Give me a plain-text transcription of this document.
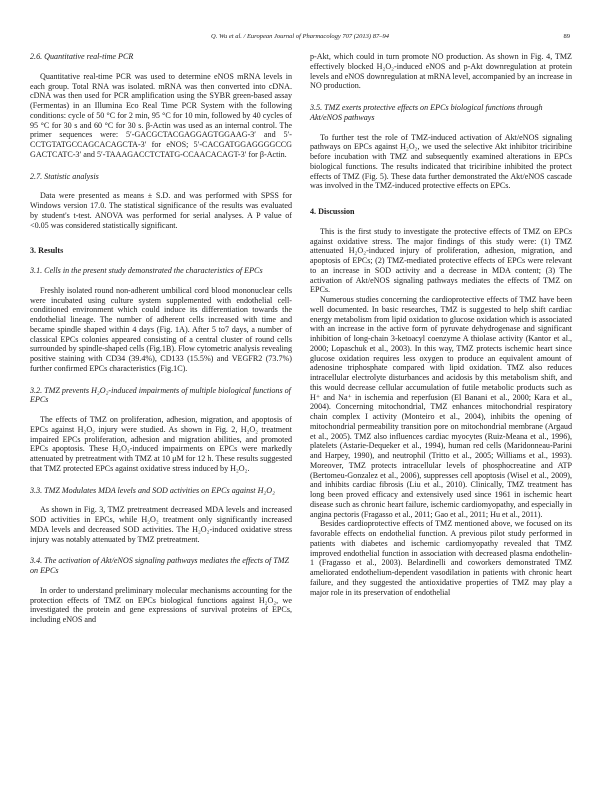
Q. Wu et al. / European Journal of Pharmacology 707 (2013) 87–94	89
2.6. Quantitative real-time PCR

Quantitative real-time PCR was used to determine eNOS mRNA levels in each group. Total RNA was isolated. mRNA was then converted into cDNA. cDNA was then used for PCR amplification using the SYBR green-based assay (Fermentas) in an Illumina Eco Real Time PCR System with the following conditions: cycle of 50 °C for 2 min, 95 °C for 10 min, followed by 40 cycles of 95 °C for 30 s and 60 °C for 30 s. β-Actin was used as an internal control. The primer sequences were: 5′-GACGCTACGAGGAGTGGAAG-3′ and 5′-CCTGTATGCCAGCACAGCTA-3′ for eNOS; 5′-CACGATGGAGGGGCCG GACTCATC-3′ and 5′-TAAAGACCTCTATG-CCAACACAGT-3′ for β-Actin.

2.7. Statistic analysis

Data were presented as means ± S.D. and was performed with SPSS for Windows version 17.0. The statistical significance of the results was evaluated by student's t-test. ANOVA was performed for serial analyses. A P value of <0.05 was considered statistically significant.

3. Results
3.1. Cells in the present study demonstrated the characteristics of EPCs

Freshly isolated round non-adherent umbilical cord blood mononuclear cells were incubated using culture system supplemented with endothelial cell-conditioned environment which could induce its differentiation towards the endothelial lineage. The number of adherent cells increased with time and became spindle shaped within 4 days (Fig. 1A). After 5 to7 days, a number of classical EPCs colonies appeared consisting of a central cluster of round cells surrounded by spindle-shaped cells (Fig.1B). Flow cytometric analysis revealing positive staining with CD34 (39.4%), CD133 (15.5%) and VEGFR2 (73.7%) further confirmed EPCs characteristics (Fig.1C).

3.2. TMZ prevents H₂O₂-induced impairments of multiple biological functions of EPCs

The effects of TMZ on proliferation, adhesion, migration, and apoptosis of EPCs against H₂O₂ injury were studied. As shown in Fig. 2, H₂O₂ treatment impaired EPCs proliferation, adhesion and migration abilities, and promoted EPCs apoptosis. These H₂O₂-induced impairments on EPCs were markedly attenuated by pretreatment with TMZ at 10 μM for 12 h. These results suggested that TMZ protected EPCs against oxidative stress induced by H₂O₂.

3.3. TMZ Modulates MDA levels and SOD activities on EPCs against H₂O₂

As shown in Fig. 3, TMZ pretreatment decreased MDA levels and increased SOD activities in EPCs, while H₂O₂ treatment only significantly increased MDA levels and decreased SOD activities. The H₂O₂-induced oxidative stress injury was notably attenuated by TMZ pretreatment.

3.4. The activation of Akt/eNOS signaling pathways mediates the effects of TMZ on EPCs

In order to understand preliminary molecular mechanisms accounting for the protection effects of TMZ on EPCs biological functions against H₂O₂, we investigated the protein and gene expressions of survival proteins of EPCs, including eNOS and

p-Akt, which could in turn promote NO production. As shown in Fig. 4, TMZ effectively blocked H₂O₂-induced eNOS and p-Akt downregulation at protein levels and eNOS downregulation at mRNA level, accompanied by an increase in NO production.

3.5. TMZ exerts protective effects on EPCs biological functions through Akt/eNOS pathways

To further test the role of TMZ-induced activation of Akt/eNOS signaling pathways on EPCs against H₂O₂, we used the selective Akt inhibitor triciribine before incubation with TMZ and subsequently examined alterations in EPCs biological functions. The results indicated that triciribine inhibited the protect effects of TMZ (Fig. 5). These data further demonstrated the Akt/eNOS cascade was involved in the TMZ-induced protective effects on EPCs.

4. Discussion

This is the first study to investigate the protective effects of TMZ on EPCs against oxidative stress. The major findings of this study were: (1) TMZ attenuated H₂O₂-induced injury of proliferation, adhesion, migration, and apoptosis of EPCs; (2) TMZ-mediated protective effects of EPCs were relevant to an increase in SOD activity and a decrease in MDA content; (3) The activation of Akt/eNOS signaling pathways mediates the effects of TMZ on EPCs.

Numerous studies concerning the cardioprotective effects of TMZ have been well documented. In basic researches, TMZ is suggested to help shift cardiac energy metabolism from lipid oxidation to glucose oxidation which is associated with an increase in the active form of pyruvate dehydrogenase and significant inhibition of long-chain 3-ketoacyl coenzyme A thiolase activity (Kantor et al., 2000; Lopaschuk et al., 2003). In this way, TMZ protects ischemic heart since glucose oxidation requires less oxygen to produce an equivalent amount of adenosine triphosphate compared with lipid oxidation. TMZ also reduces intracellular electrolyte disturbances and acidosis by this metabolism shift, and this would decrease cellular accumulation of futile metabolic products such as H⁺ and Na⁺ in ischemia and reperfusion (El Banani et al., 2000; Kara et al., 2004). Concerning mitochondrial, TMZ enhances mitochondrial respiratory chain complex I activity (Monteiro et al., 2004), inhibits the opening of mitochondrial permeability transition pore on mitochondrial membrane (Argaud et al., 2005). TMZ also influences cardiac myocytes (Ruiz-Meana et al., 1996), platelets (Astarie-Dequeker et al., 1994), human red cells (Maridonneau-Parini and Harpey, 1990), and neutrophil (Tritto et al., 2005; Williams et al., 1993). Moreover, TMZ protects intracellular levels of phosphocreatine and ATP (Bertomeu-Gonzalez et al., 2006), suppresses cell apoptosis (Wisel et al., 2009), and inhibits cardiac fibrosis (Liu et al., 2010). Clinically, TMZ treatment has long been proved efficacy and extensively used since 1961 in ischemic heart disease such as chronic heart failure, ischemic cardiomyopathy, and especially in angina pectoris (Fragasso et al., 2011; Gao et al., 2011; Hu et al., 2011).

Besides cardioprotective effects of TMZ mentioned above, we focused on its favorable effects on endothelial function. A previous pilot study performed in patients with diabetes and ischemic cardiomyopathy revealed that TMZ improved endothelial function in association with decreased plasma endothelin-1 (Fragasso et al., 2003). Belardinelli and coworkers demonstrated TMZ ameliorated endothelium-dependent vasodilation in patients with chronic heart failure, and they suggested the antioxidative properties of TMZ may play a major role in its preservation of endothelial
